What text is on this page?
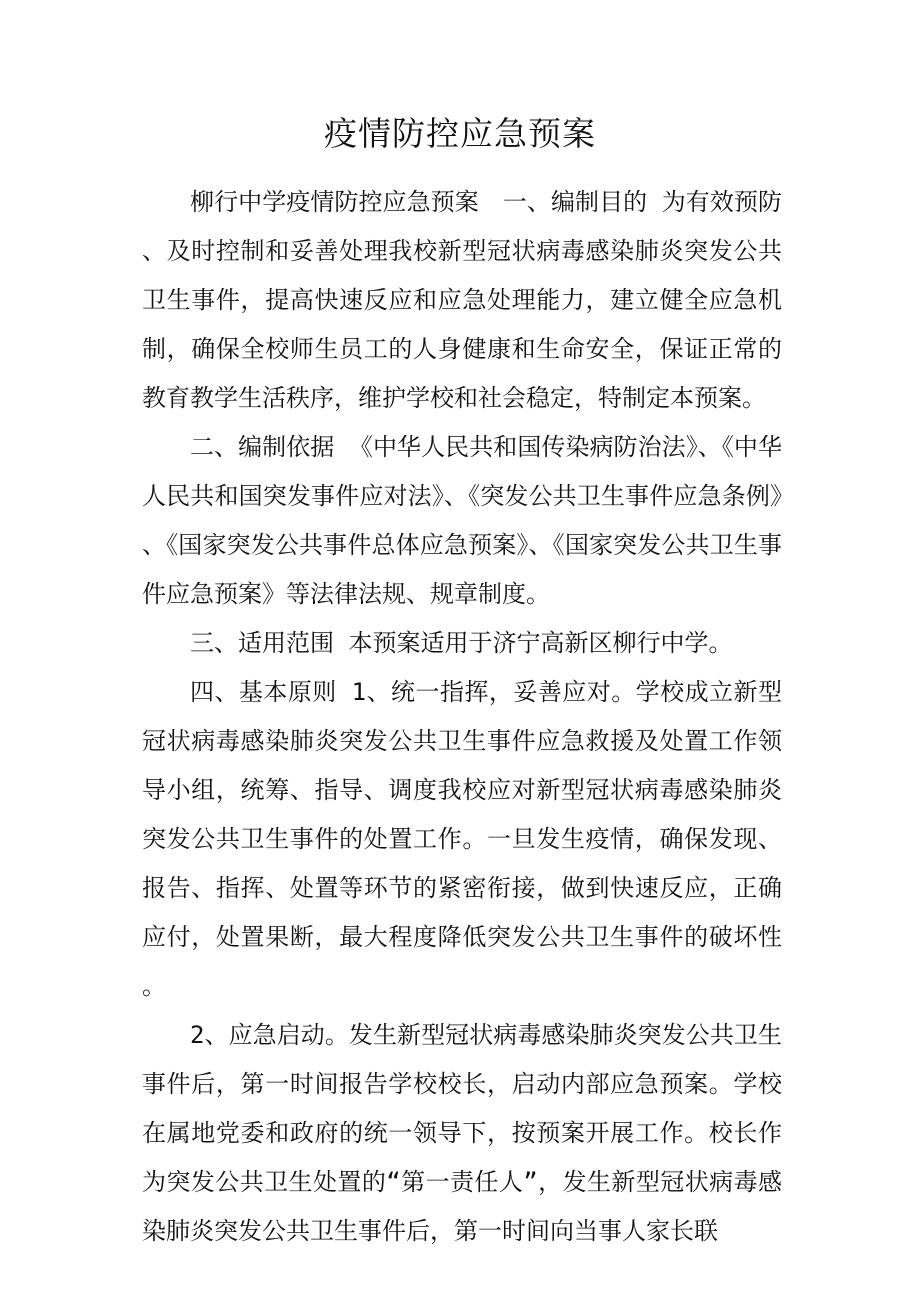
疫情防控应急预案

柳行中学疫情防控应急预案　一、编制目的 为有效预防、及时控制和妥善处理我校新型冠状病毒感染肺炎突发公共卫生事件，提高快速反应和应急处理能力，建立健全应急机制，确保全校师生员工的人身健康和生命安全，保证正常的教育教学生活秩序，维护学校和社会稳定，特制定本预案。

二、编制依据 《中华人民共和国传染病防治法》、《中华人民共和国突发事件应对法》、《突发公共卫生事件应急条例》、《国家突发公共事件总体应急预案》、《国家突发公共卫生事件应急预案》等法律法规、规章制度。

三、适用范围 本预案适用于济宁高新区柳行中学。

四、基本原则 1、统一指挥，妥善应对。学校成立新型冠状病毒感染肺炎突发公共卫生事件应急救援及处置工作领导小组，统筹、指导、调度我校应对新型冠状病毒感染肺炎突发公共卫生事件的处置工作。一旦发生疫情，确保发现、报告、指挥、处置等环节的紧密衔接，做到快速反应，正确应付，处置果断，最大程度降低突发公共卫生事件的破坏性。

2、应急启动。发生新型冠状病毒感染肺炎突发公共卫生事件后，第一时间报告学校校长，启动内部应急预案。学校在属地党委和政府的统一领导下，按预案开展工作。校长作为突发公共卫生处置的“第一责任人”，发生新型冠状病毒感染肺炎突发公共卫生事件后，第一时间向当事人家长联
